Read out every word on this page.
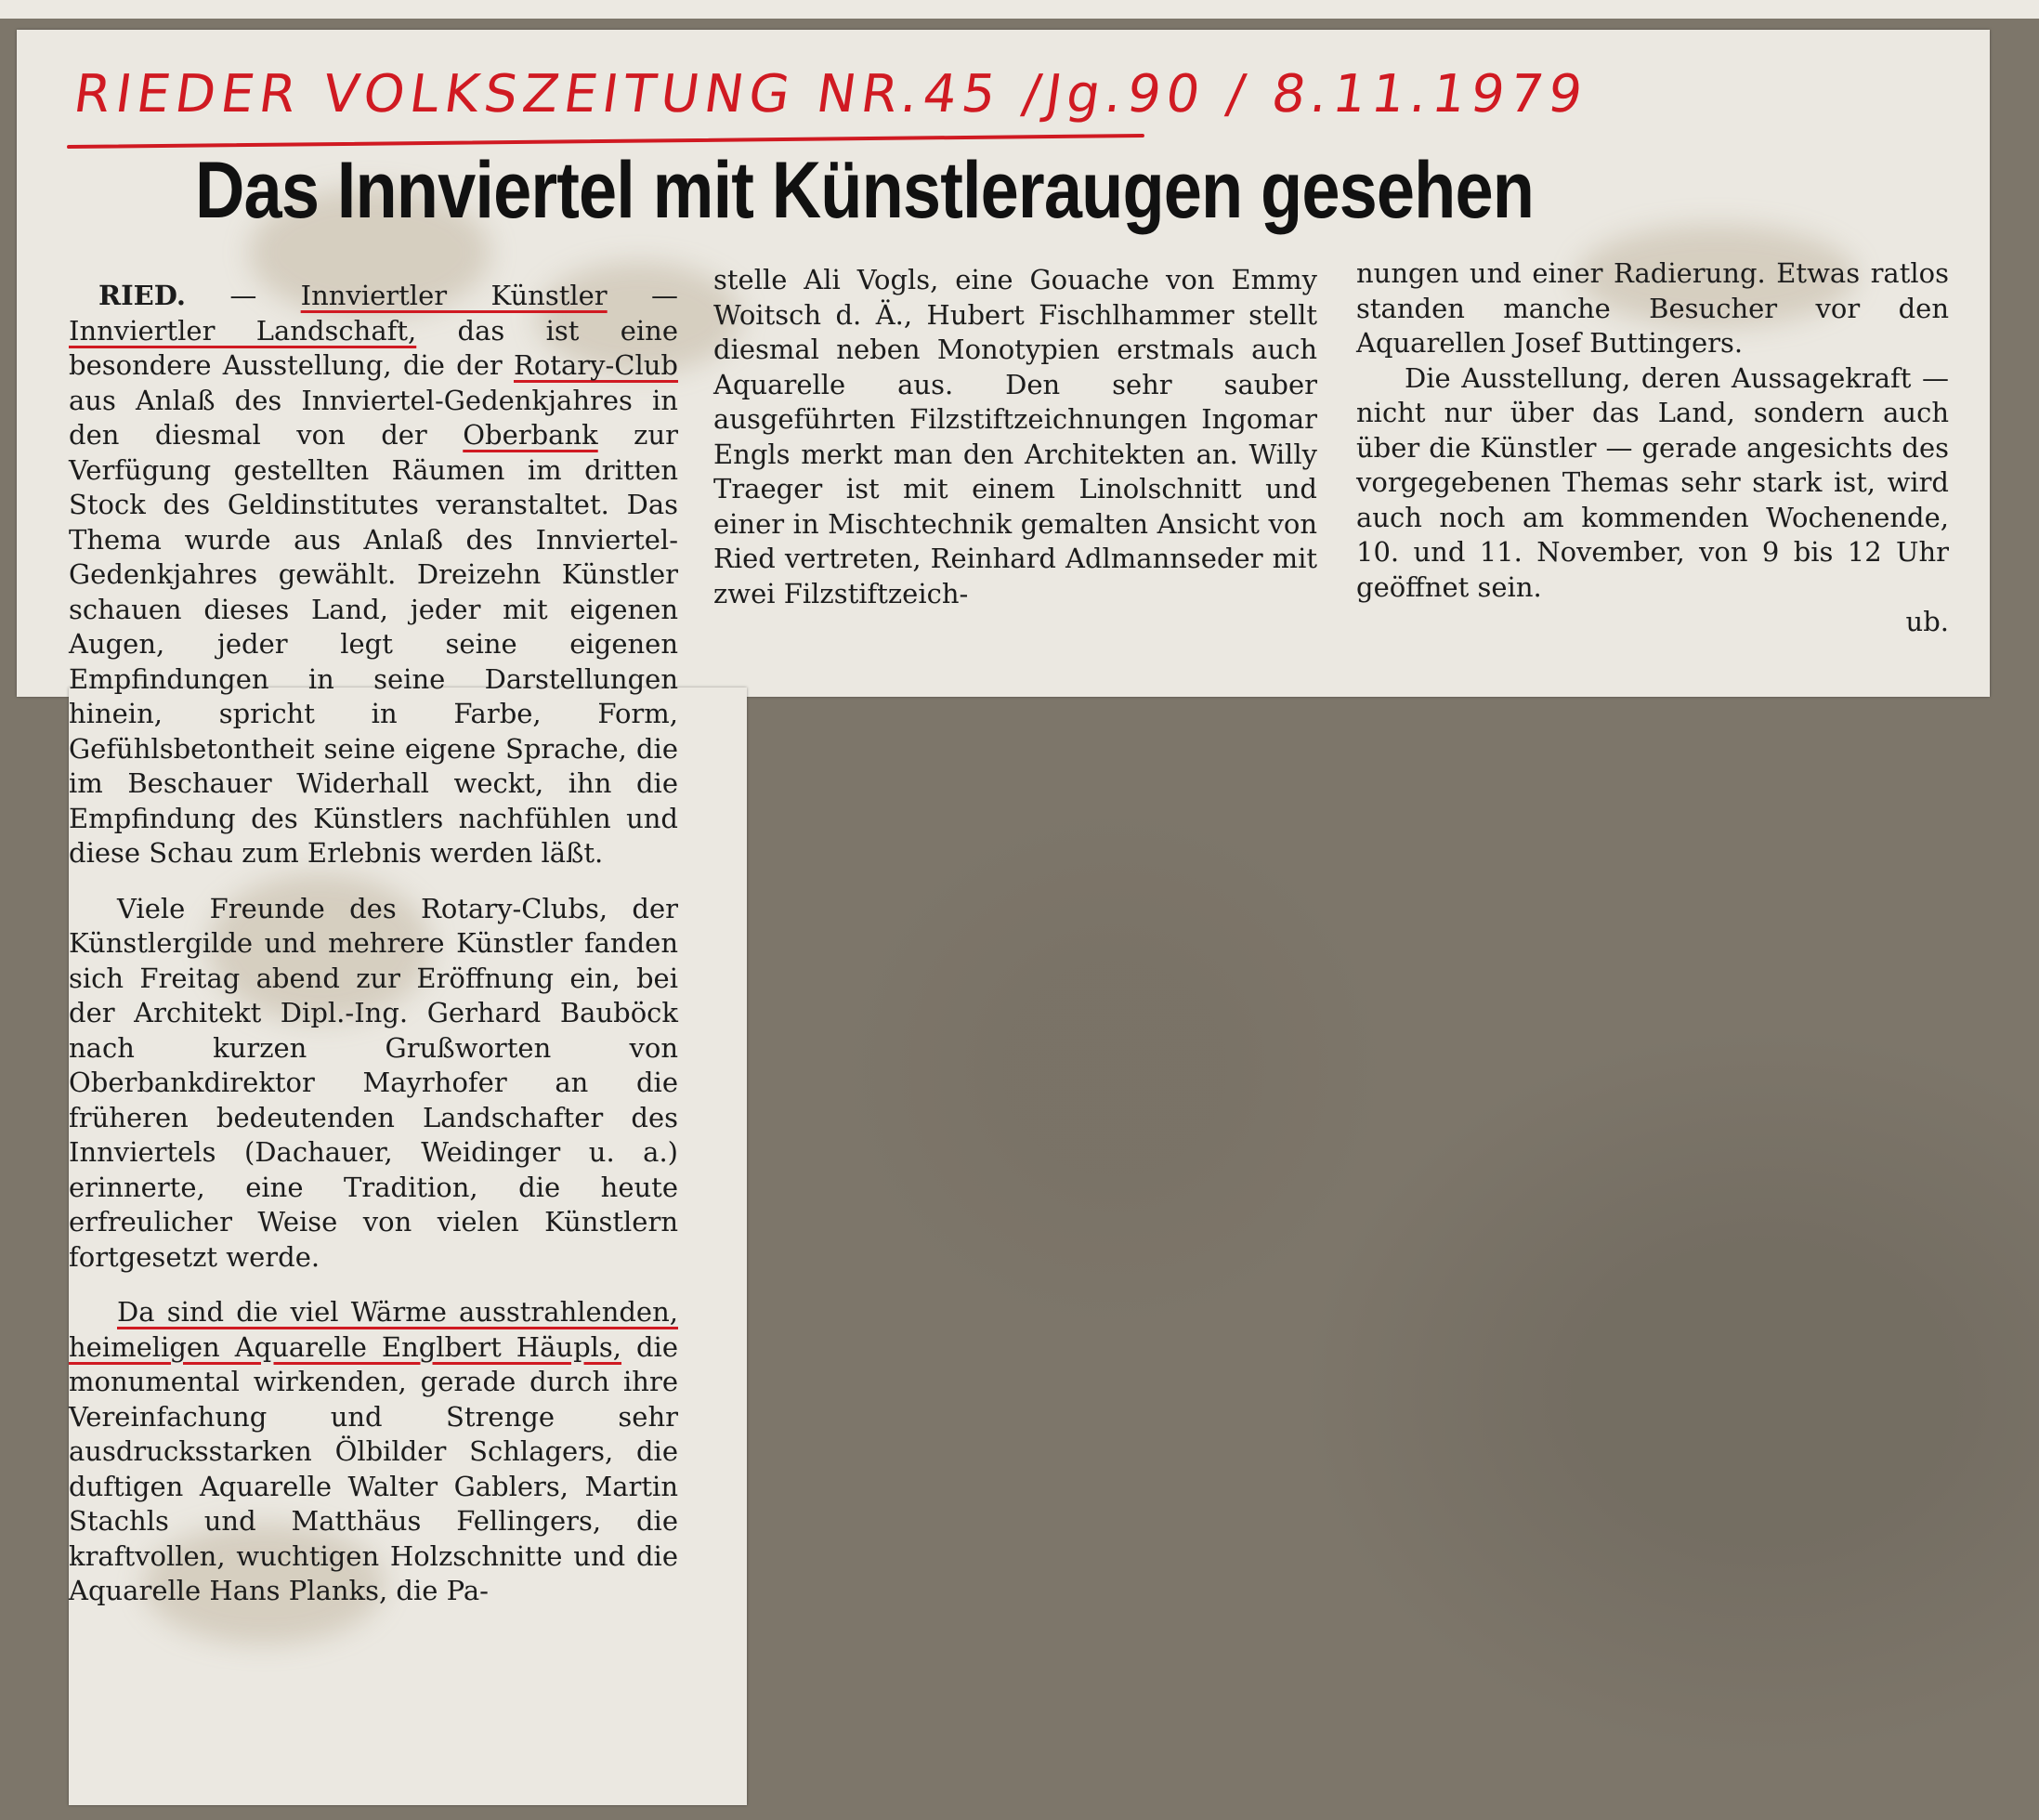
RIEDER VOLKSZEITUNG NR.45 /Jg.90 / 8.11.1979
Das Innviertel mit Künstleraugen gesehen

RIED. — Innviertler Künstler — Innviertler Landschaft, das ist eine besondere Ausstellung, die der Rotary-Club aus Anlaß des Innviertel-Gedenkjahres in den diesmal von der Oberbank zur Verfügung gestellten Räumen im dritten Stock des Geldinstitutes veranstaltet. Das Thema wurde aus Anlaß des Innviertel-Gedenkjahres gewählt. Dreizehn Künstler schauen dieses Land, jeder mit eigenen Augen, jeder legt seine eigenen Empfindungen in seine Darstellungen hinein, spricht in Farbe, Form, Gefühlsbetontheit seine eigene Sprache, die im Beschauer Widerhall weckt, ihn die Empfindung des Künstlers nachfühlen und diese Schau zum Erlebnis werden läßt.

Viele Freunde des Rotary-Clubs, der Künstlergilde und mehrere Künstler fanden sich Freitag abend zur Eröffnung ein, bei der Architekt Dipl.-Ing. Gerhard Bauböck nach kurzen Grußworten von Oberbankdirektor Mayrhofer an die früheren bedeutenden Landschafter des Innviertels (Dachauer, Weidinger u. a.) erinnerte, eine Tradition, die heute erfreulicher Weise von vielen Künstlern fortgesetzt werde.

Da sind die viel Wärme ausstrahlenden, heimeligen Aquarelle Englbert Häupls, die monumental wirkenden, gerade durch ihre Vereinfachung und Strenge sehr ausdrucksstarken Ölbilder Schlagers, die duftigen Aquarelle Walter Gablers, Martin Stachls und Matthäus Fellingers, die kraftvollen, wuchtigen Holzschnitte und die Aquarelle Hans Planks, die Pa-

stelle Ali Vogls, eine Gouache von Emmy Woitsch d. Ä., Hubert Fischlhammer stellt diesmal neben Monotypien erstmals auch Aquarelle aus. Den sehr sauber ausgeführten Filzstiftzeichnungen Ingomar Engls merkt man den Architekten an. Willy Traeger ist mit einem Linolschnitt und einer in Mischtechnik gemalten Ansicht von Ried vertreten, Reinhard Adlmannseder mit zwei Filzstiftzeich-

nungen und einer Radierung. Etwas ratlos standen manche Besucher vor den Aquarellen Josef Buttingers.

Die Ausstellung, deren Aussagekraft — nicht nur über das Land, sondern auch über die Künstler — gerade angesichts des vorgegebenen Themas sehr stark ist, wird auch noch am kommenden Wochenende, 10. und 11. November, von 9 bis 12 Uhr geöffnet sein.

ub.
